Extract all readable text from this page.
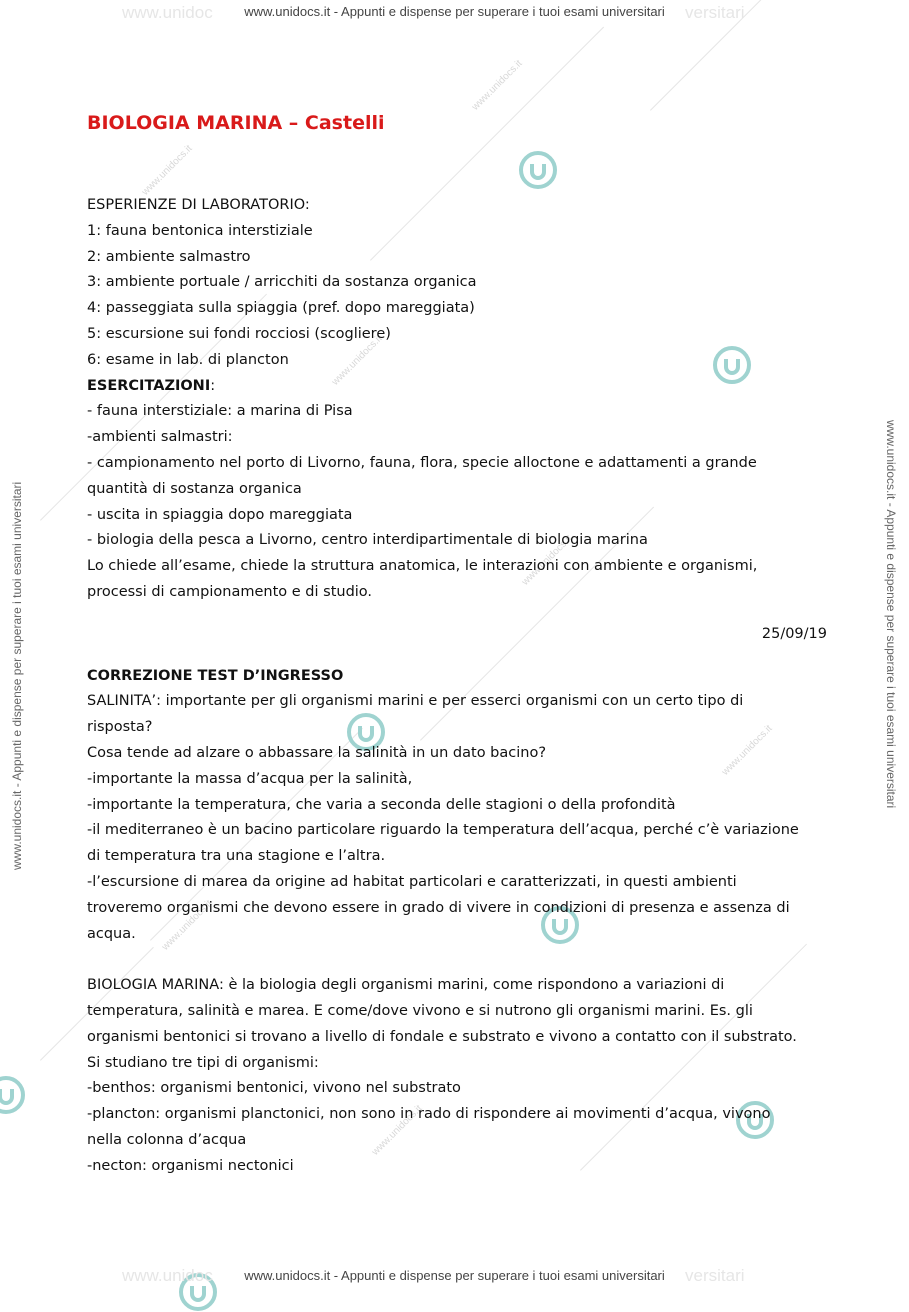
www.unidocs.it
www.unidocs.it
www.unidocs.it
www.unidocs.it
www.unidocs.it
www.unidocs.it
www.unidocs.it
www.unidoc	versitari
www.unidoc	versitari
www.unidocs.it - Appunti e dispense per superare i tuoi esami universitari
www.unidocs.it - Appunti e dispense per superare i tuoi esami universitari
www.unidocs.it - Appunti e dispense per superare i tuoi esami universitari	www.unidocs.it - Appunti e dispense per superare i tuoi esami universitari
BIOLOGIA MARINA – Castelli

ESPERIENZE DI LABORATORIO:

1: fauna bentonica interstiziale

2: ambiente salmastro

3: ambiente portuale / arricchiti da sostanza organica

4: passeggiata sulla spiaggia (pref. dopo mareggiata)

5: escursione sui fondi rocciosi (scogliere)

6: esame in lab. di plancton

ESERCITAZIONI:

- fauna interstiziale: a marina di Pisa

-ambienti salmastri:

- campionamento nel porto di Livorno, fauna, flora, specie alloctone e adattamenti a grande

quantità di sostanza organica

- uscita in spiaggia dopo mareggiata

- biologia della pesca a Livorno, centro interdipartimentale di biologia marina

Lo chiede all’esame, chiede la struttura anatomica, le interazioni con ambiente e organismi,

processi di campionamento e di studio.

25/09/19

CORREZIONE TEST D’INGRESSO

SALINITA’: importante per gli organismi marini e per esserci organismi con un certo tipo di

risposta?

Cosa tende ad alzare o abbassare la salinità in un dato bacino?

-importante la massa d’acqua per la salinità,

-importante la temperatura, che varia a seconda delle stagioni o della profondità

-il mediterraneo è un bacino particolare riguardo la temperatura dell’acqua, perché c’è variazione

di temperatura tra una stagione e l’altra.

-l’escursione di marea da origine ad habitat particolari e caratterizzati, in questi ambienti

troveremo organismi che devono essere in grado di vivere in condizioni di presenza e assenza di

acqua.

BIOLOGIA MARINA: è la biologia degli organismi marini, come rispondono a variazioni di

temperatura, salinità e marea. E come/dove vivono e si nutrono gli organismi marini. Es. gli

organismi bentonici si trovano a livello di fondale e substrato e vivono a contatto con il substrato.

Si studiano tre tipi di organismi:

-benthos: organismi bentonici, vivono nel substrato

-plancton: organismi planctonici, non sono in rado di rispondere ai movimenti d’acqua, vivono

nella colonna d’acqua

-necton: organismi nectonici
